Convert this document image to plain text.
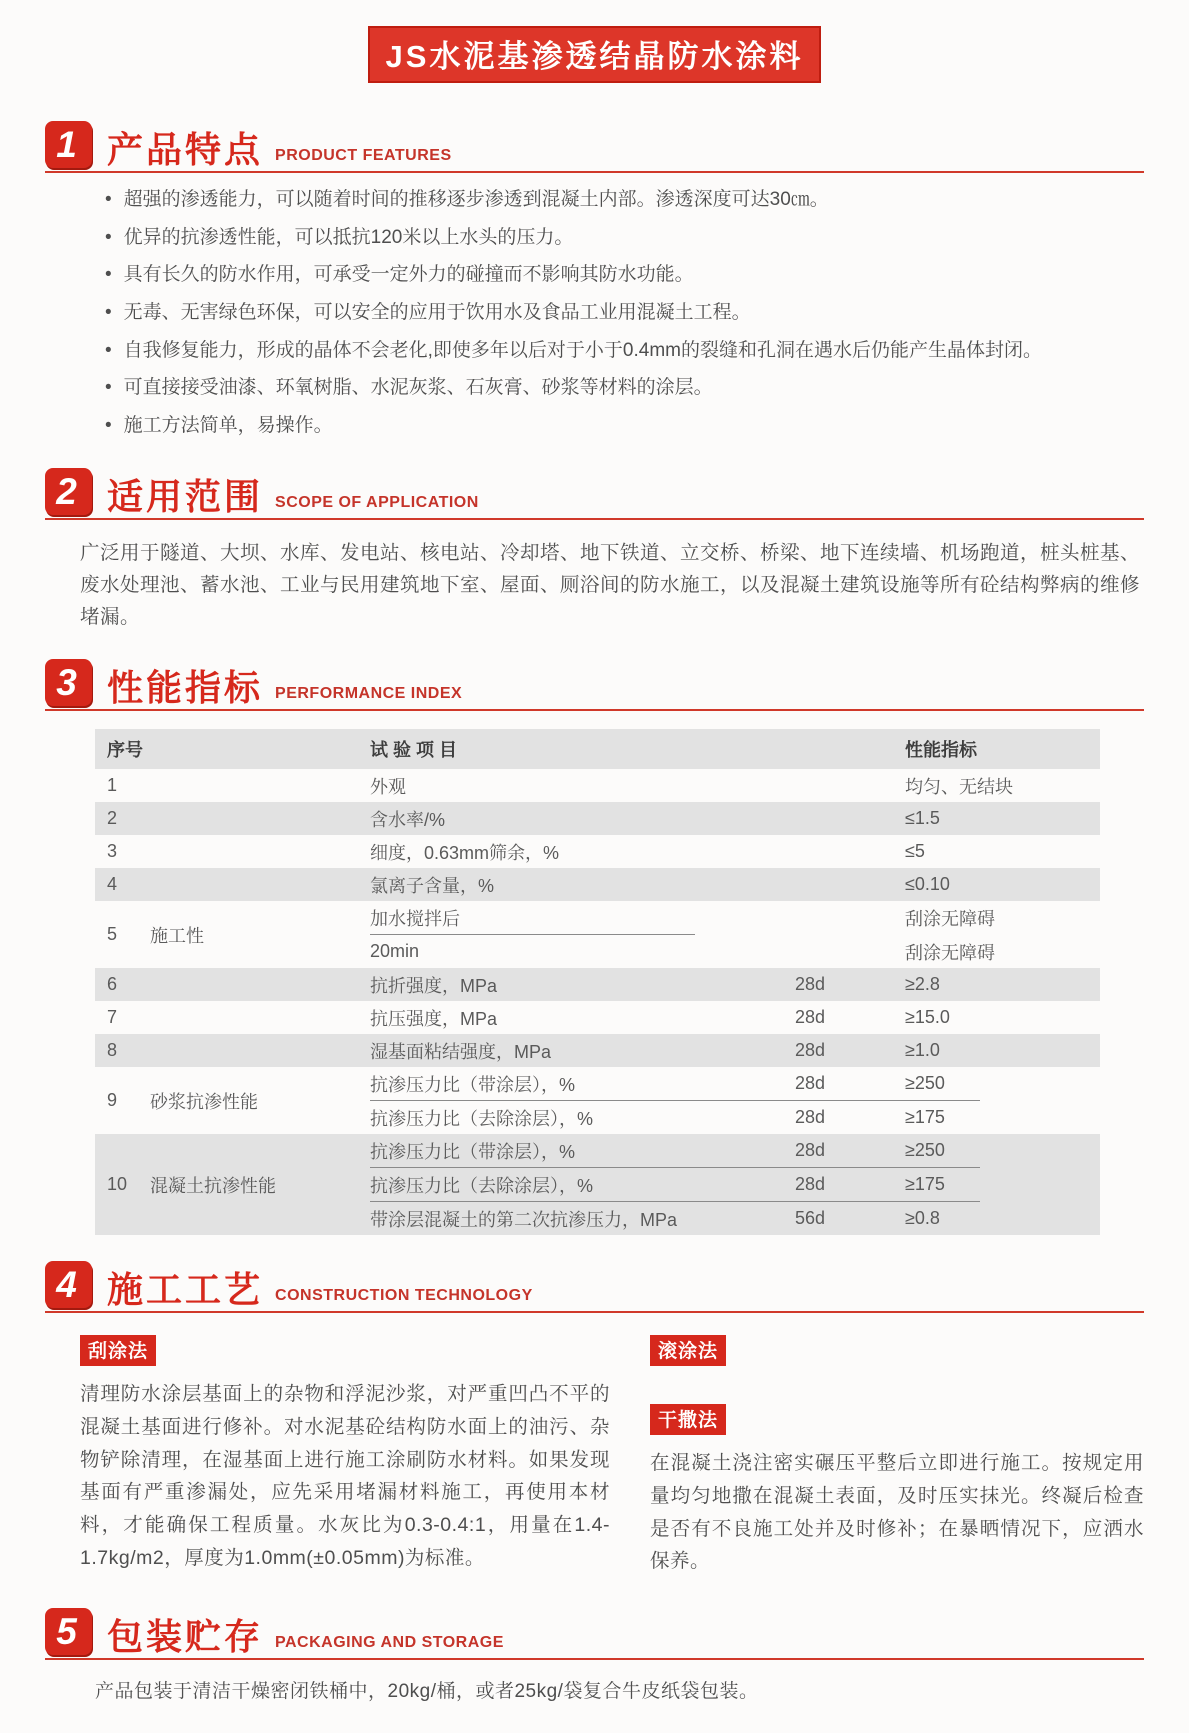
JS水泥基渗透结晶防水涂料
1 产品特点 PRODUCT FEATURES
• 超强的渗透能力，可以随着时间的推移逐步渗透到混凝土内部。渗透深度可达30㎝。
• 优异的抗渗透性能，可以抵抗120米以上水头的压力。
• 具有长久的防水作用，可承受一定外力的碰撞而不影响其防水功能。
• 无毒、无害绿色环保，可以安全的应用于饮用水及食品工业用混凝土工程。
• 自我修复能力，形成的晶体不会老化,即使多年以后对于小于0.4mm的裂缝和孔洞在遇水后仍能产生晶体封闭。
• 可直接接受油漆、环氧树脂、水泥灰浆、石灰膏、砂浆等材料的涂层。
• 施工方法简单，易操作。
2 适用范围 SCOPE OF APPLICATION

广泛用于隧道、大坝、水库、发电站、核电站、冷却塔、地下铁道、立交桥、桥梁、地下连续墙、机场跑道，桩头桩基、废水处理池、蓄水池、工业与民用建筑地下室、屋面、厕浴间的防水施工，以及混凝土建筑设施等所有砼结构弊病的维修堵漏。

3 性能指标 PERFORMANCE INDEX
序号	试 验 项 目	性能指标
1	外观	均匀、无结块
2	含水率/%	≤1.5
3	细度，0.63mm筛余，%	≤5
4	氯离子含量，%	≤0.10
5	施工性
加水搅拌后	刮涂无障碍
20min	刮涂无障碍
6	抗折强度，MPa	28d	≥2.8
7	抗压强度，MPa	28d	≥15.0
8	湿基面粘结强度，MPa	28d	≥1.0
9	砂浆抗渗性能
抗渗压力比（带涂层），%	28d	≥250
抗渗压力比（去除涂层），%	28d	≥175
10	混凝土抗渗性能
抗渗压力比（带涂层），%	28d	≥250
抗渗压力比（去除涂层），%	28d	≥175
带涂层混凝土的第二次抗渗压力，MPa	56d	≥0.8
4 施工工艺 CONSTRUCTION TECHNOLOGY
刮涂法

清理防水涂层基面上的杂物和浮泥沙浆，对严重凹凸不平的混凝土基面进行修补。对水泥基砼结构防水面上的油污、杂物铲除清理，在湿基面上进行施工涂刷防水材料。如果发现基面有严重渗漏处，应先采用堵漏材料施工，再使用本材料，才能确保工程质量。水灰比为0.3-0.4:1，用量在1.4-1.7kg/m2，厚度为1.0mm(±0.05mm)为标准。

滚涂法
干撒法

在混凝土浇注密实碾压平整后立即进行施工。按规定用量均匀地撒在混凝土表面，及时压实抹光。终凝后检查是否有不良施工处并及时修补；在暴晒情况下，应洒水保养。

5 包装贮存 PACKAGING AND STORAGE

产品包装于清洁干燥密闭铁桶中，20kg/桶，或者25kg/袋复合牛皮纸袋包装。
